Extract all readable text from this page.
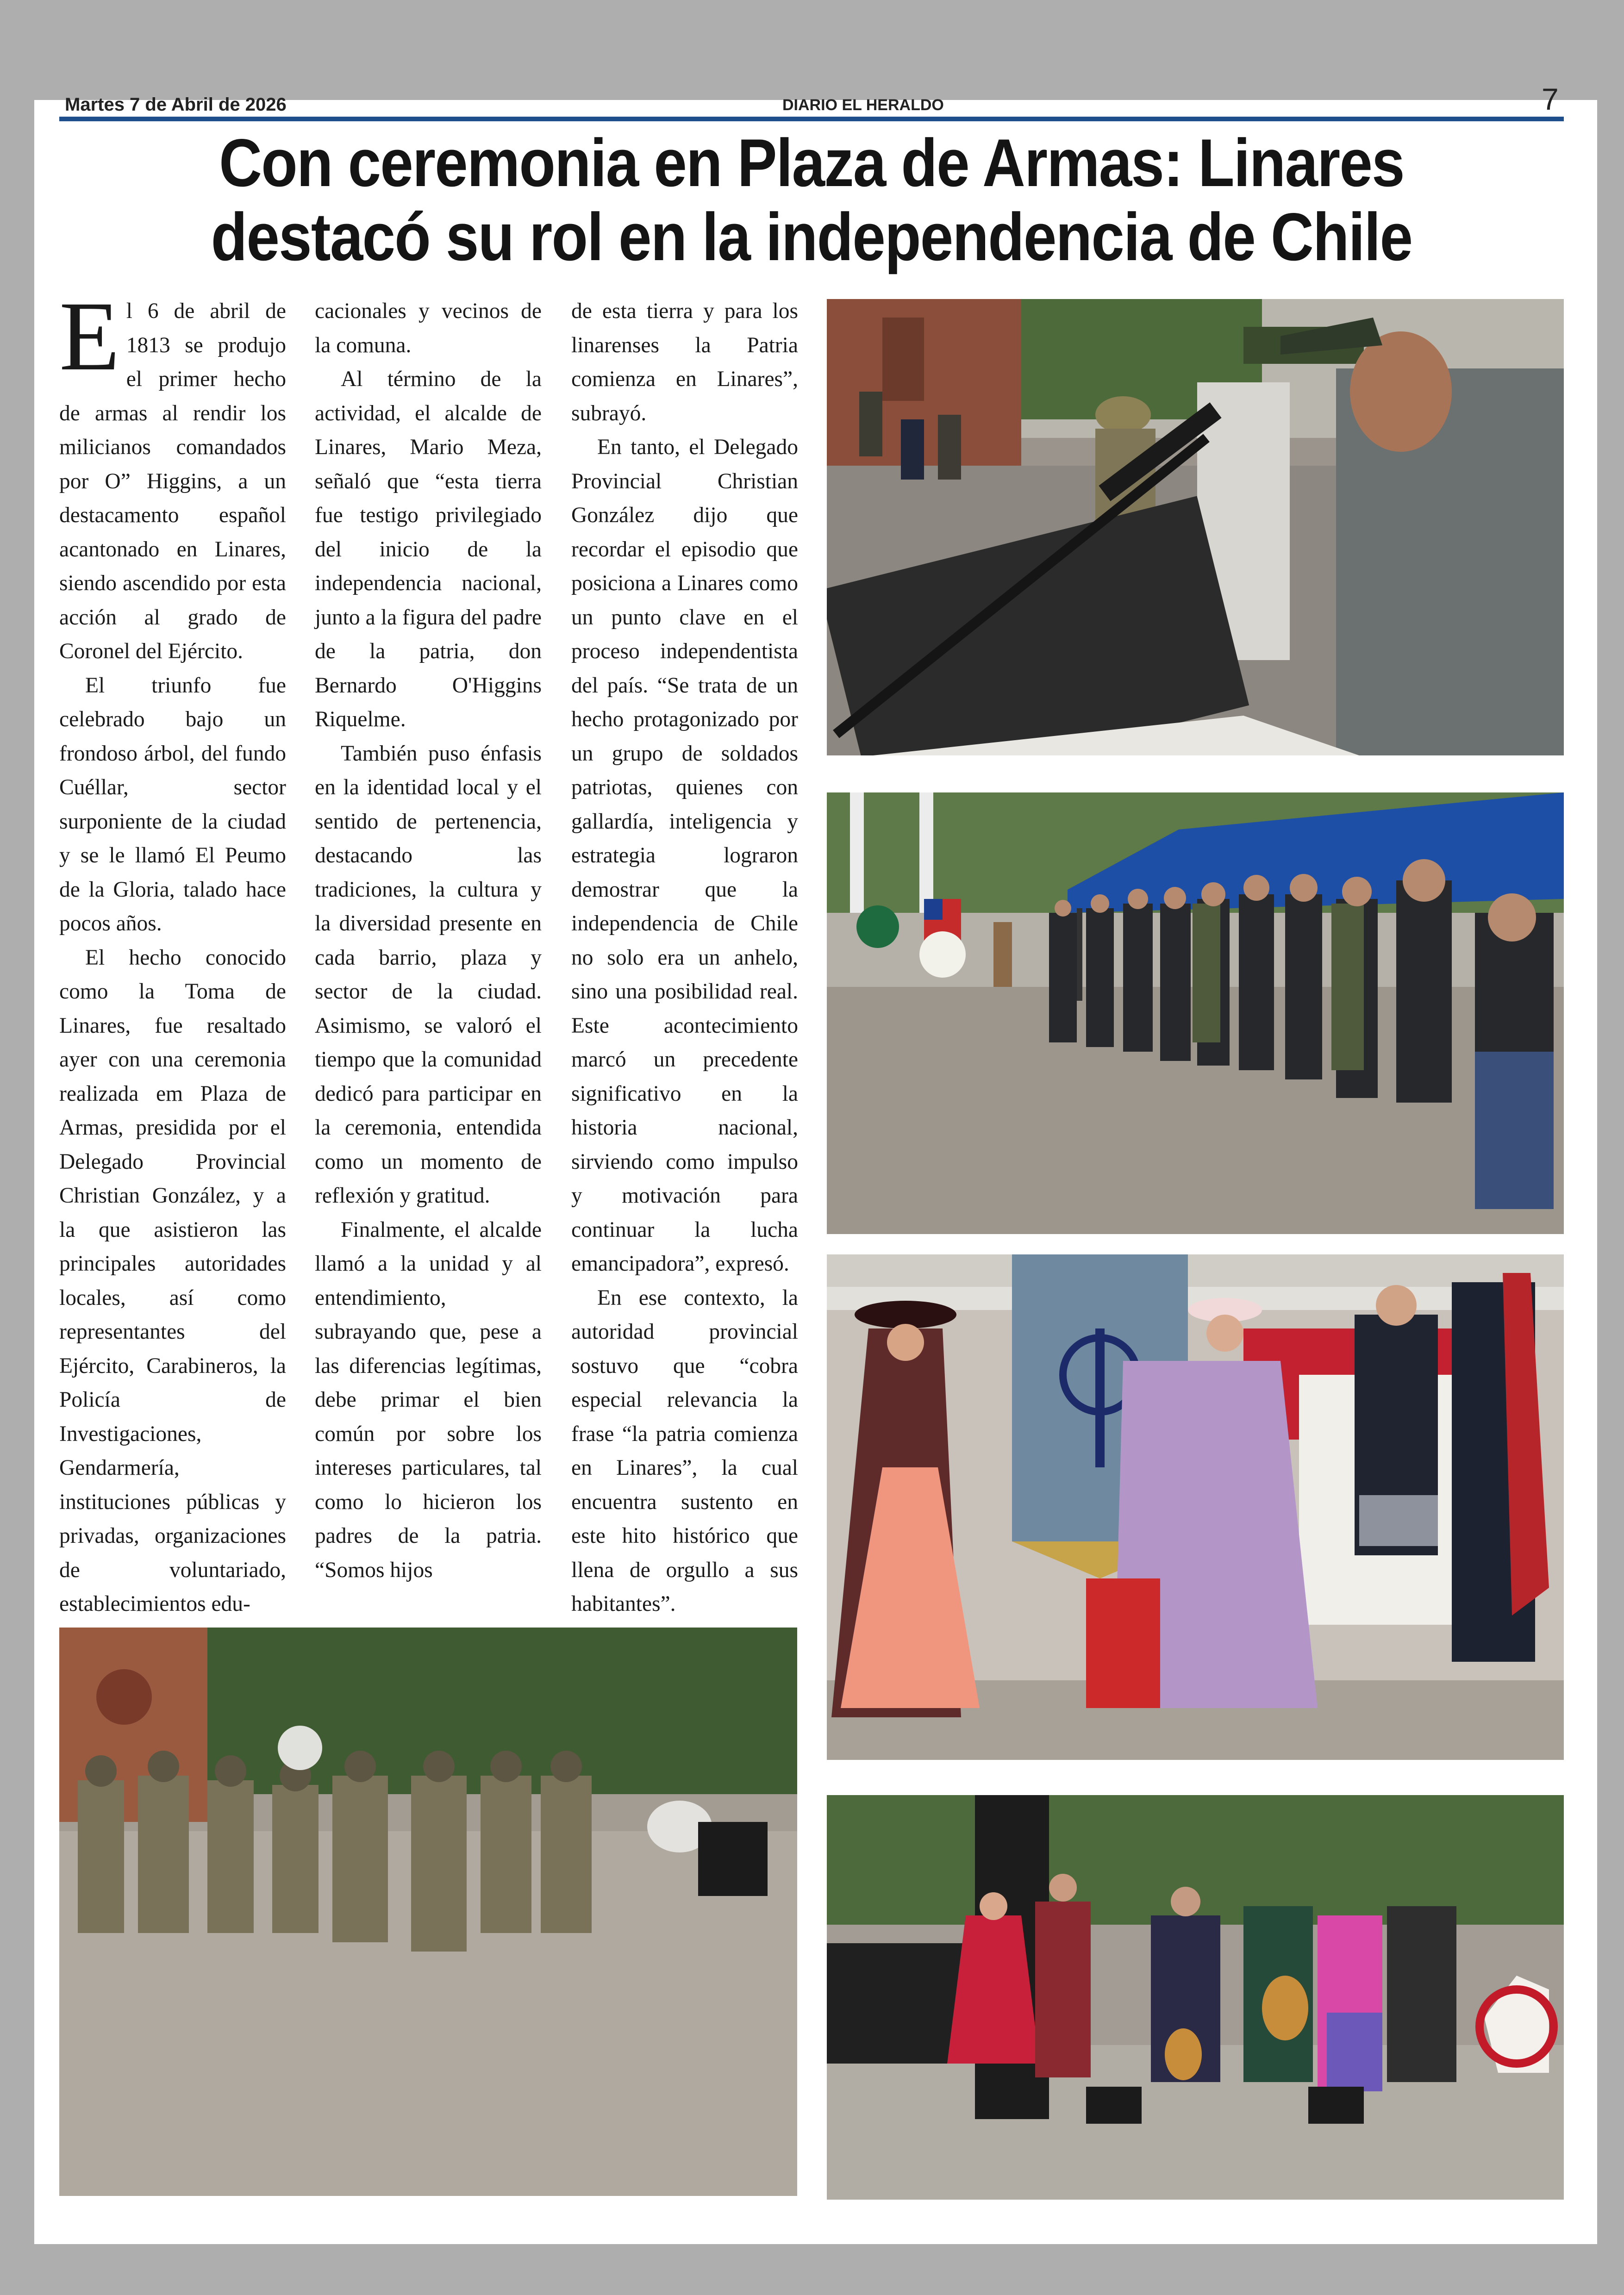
Martes 7 de Abril de 2026	DIARIO EL HERALDO	7
Con ceremonia en Plaza de Armas: Linares
destacó su rol en la independencia de Chile

El 6 de abril de 1813 se produjo el primer hecho de armas al rendir los milicianos comandados por O” Higgins, a un destacamento español acantonado en Linares, siendo ascendido por esta acción al grado de Coronel del Ejército.

El triunfo fue celebrado bajo un frondoso árbol, del fundo Cuéllar, sector surponiente de la ciudad y se le llamó El Peumo de la Gloria, talado hace pocos años.

El hecho conocido como la Toma de Linares, fue resaltado ayer con una ceremonia realizada em Plaza de Armas, presidida por el Delegado Provincial Christian González, y a la que asistieron las principales autoridades locales, así como representantes del Ejército, Carabineros, la Policía de Investigaciones, Gendarmería, instituciones públicas y privadas, organizaciones de voluntariado, establecimientos edu-

cacionales y vecinos de la comuna.

Al término de la actividad, el alcalde de Linares, Mario Meza, señaló que “esta tierra fue testigo privilegiado del inicio de la independencia nacional, junto a la figura del padre de la patria, don Bernardo O'Higgins Riquelme.

También puso énfasis en la identidad local y el sentido de pertenencia, destacando las tradiciones, la cultura y la diversidad presente en cada barrio, plaza y sector de la ciudad. Asimismo, se valoró el tiempo que la comunidad dedicó para participar en la ceremonia, entendida como un momento de reflexión y gratitud.

Finalmente, el alcalde llamó a la unidad y al entendimiento, subrayando que, pese a las diferencias legítimas, debe primar el bien común por sobre los intereses particulares, tal como lo hicieron los padres de la patria. “Somos hijos

de esta tierra y para los linarenses la Patria comienza en Linares”, subrayó.

En tanto, el Delegado Provincial Christian González dijo que recordar el episodio que posiciona a Linares como un punto clave en el proceso independentista del país. “Se trata de un hecho protagonizado por un grupo de soldados patriotas, quienes con gallardía, inteligencia y estrategia lograron demostrar que la independencia de Chile no solo era un anhelo, sino una posibilidad real. Este acontecimiento marcó un precedente significativo en la historia nacional, sirviendo como impulso y motivación para continuar la lucha emancipadora”, expresó.

En ese contexto, la autoridad provincial sostuvo que “cobra especial relevancia la frase “la patria comienza en Linares”, la cual encuentra sustento en este hito histórico que llena de orgullo a sus habitantes”.
